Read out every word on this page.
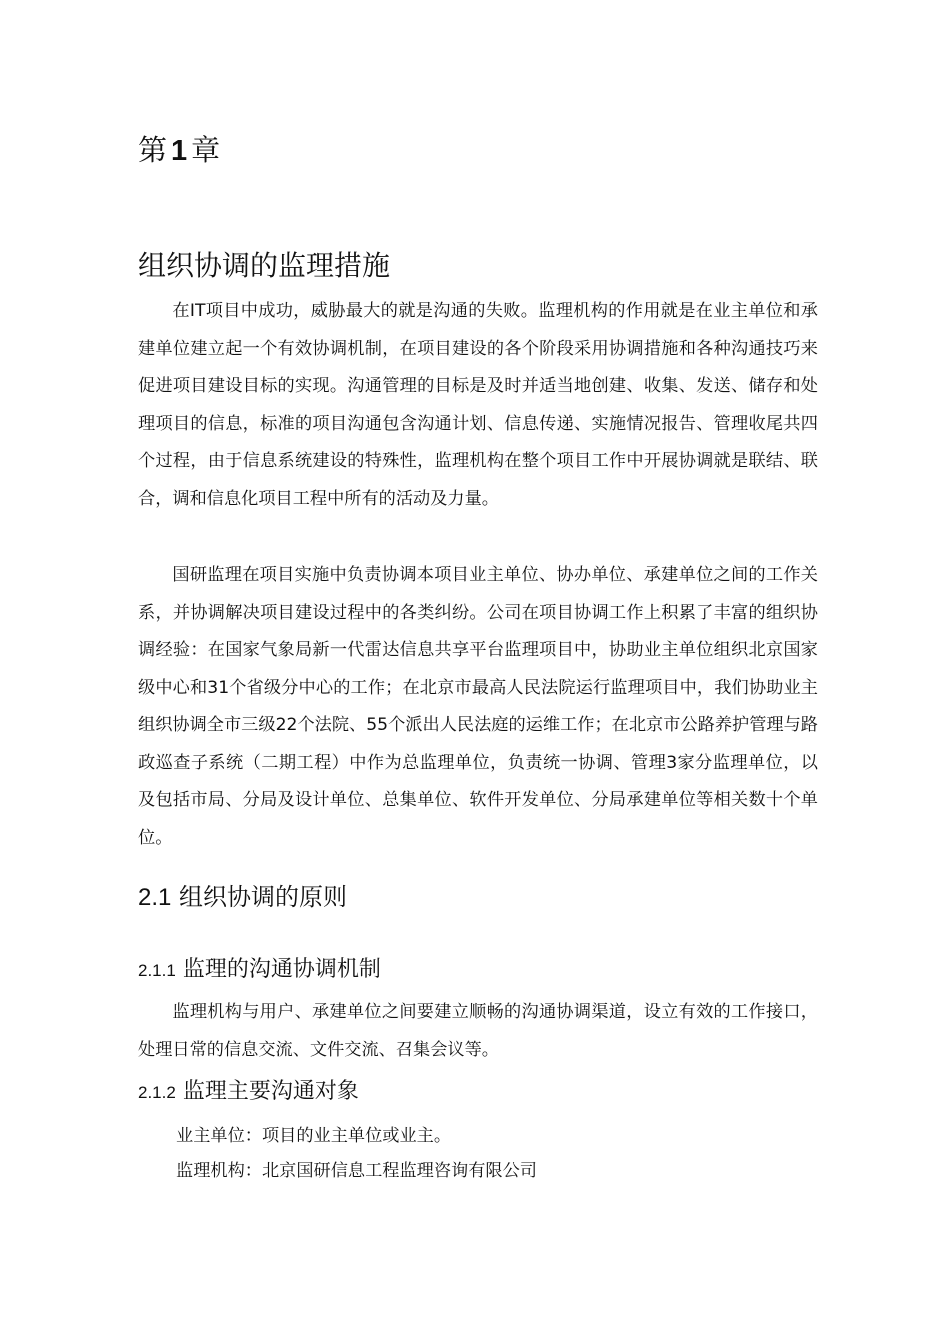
第 1 章
组织协调的监理措施

在IT项目中成功，威胁最大的就是沟通的失败。监理机构的作用就是在业主单位和承建单位建立起一个有效协调机制，在项目建设的各个阶段采用协调措施和各种沟通技巧来促进项目建设目标的实现。沟通管理的目标是及时并适当地创建、收集、发送、储存和处理项目的信息，标准的项目沟通包含沟通计划、信息传递、实施情况报告、管理收尾共四个过程，由于信息系统建设的特殊性，监理机构在整个项目工作中开展协调就是联结、联合，调和信息化项目工程中所有的活动及力量。

国研监理在项目实施中负责协调本项目业主单位、协办单位、承建单位之间的工作关系，并协调解决项目建设过程中的各类纠纷。公司在项目协调工作上积累了丰富的组织协调经验：在国家气象局新一代雷达信息共享平台监理项目中，协助业主单位组织北京国家级中心和31个省级分中心的工作；在北京市最高人民法院运行监理项目中，我们协助业主组织协调全市三级22个法院、55个派出人民法庭的运维工作；在北京市公路养护管理与路政巡查子系统（二期工程）中作为总监理单位，负责统一协调、管理3家分监理单位，以及包括市局、分局及设计单位、总集单位、软件开发单位、分局承建单位等相关数十个单位。

2.1 组织协调的原则
2.1.1 监理的沟通协调机制

监理机构与用户、承建单位之间要建立顺畅的沟通协调渠道，设立有效的工作接口，处理日常的信息交流、文件交流、召集会议等。

2.1.2 监理主要沟通对象

业主单位：项目的业主单位或业主。

监理机构：北京国研信息工程监理咨询有限公司
